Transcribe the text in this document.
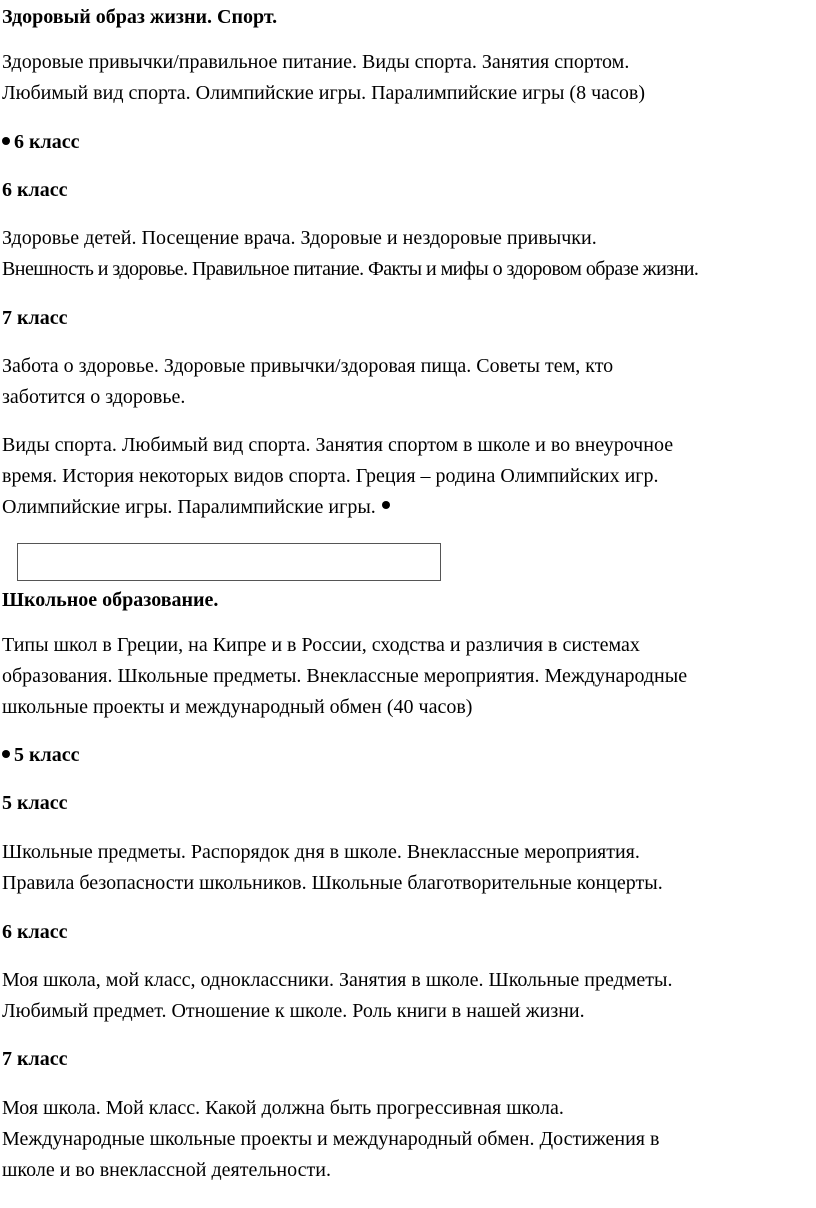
Здоровый образ жизни. Спорт.

Здоровые привычки/правильное питание. Виды спорта. Занятия спортом.
Любимый вид спорта. Олимпийские игры. Паралимпийские игры (8 часов)

6 класс

6 класс

Здоровье детей. Посещение врача. Здоровые и нездоровые привычки.
Внешность и здоровье. Правильное питание. Факты и мифы о здоровом образе жизни.

7 класс

Забота о здоровье. Здоровые привычки/здоровая пища. Советы тем, кто
заботится о здоровье.

Виды спорта. Любимый вид спорта. Занятия спортом в школе и во внеурочное
время. История некоторых видов спорта. Греция – родина Олимпийских игр.
Олимпийские игры. Паралимпийские игры.

Школьное образование.

Типы школ в Греции, на Кипре и в России, сходства и различия в системах
образования. Школьные предметы. Внеклассные мероприятия. Международные
школьные проекты и международный обмен (40 часов)

5 класс

5 класс

Школьные предметы. Распорядок дня в школе. Внеклассные мероприятия.
Правила безопасности школьников. Школьные благотворительные концерты.

6 класс

Моя школа, мой класс, одноклассники. Занятия в школе. Школьные предметы.
Любимый предмет. Отношение к школе. Роль книги в нашей жизни.

7 класс

Моя школа. Мой класс. Какой должна быть прогрессивная школа.
Международные школьные проекты и международный обмен. Достижения в
школе и во внеклассной деятельности.
